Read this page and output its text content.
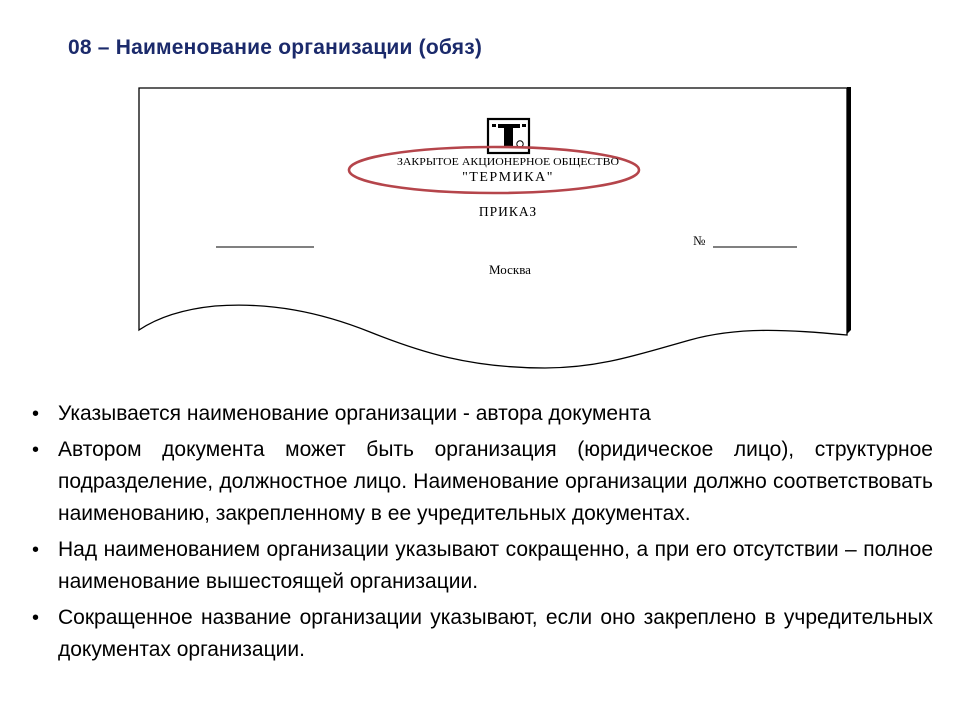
08 – Наименование организации (обяз)
ЗАКРЫТОЕ АКЦИОНЕРНОЕ ОБЩЕСТВО
"ТЕРМИКА"
ПРИКАЗ
№
Москва
• Указывается наименование организации - автора документа
• Автором документа может быть организация (юридическое лицо), структурное подразделение, должностное лицо. Наименование организации должно соответствовать наименованию, закрепленному в ее учредительных документах.
• Над наименованием организации указывают сокращенно, а при его отсутствии – полное наименование вышестоящей организации.
• Сокращенное название организации указывают, если оно закреплено в учредительных документах организации.
